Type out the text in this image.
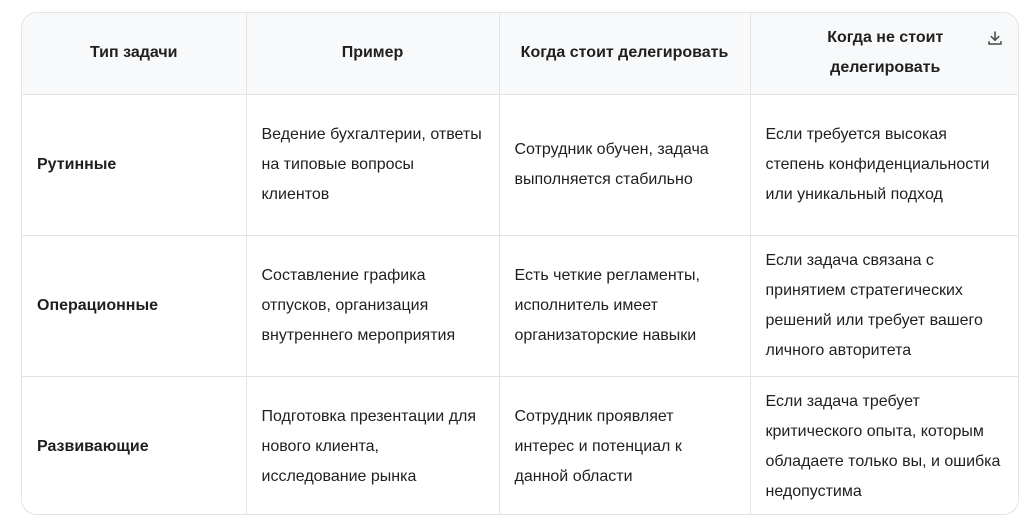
Тип задачи	Пример	Когда стоит делегировать	Когда не стоит делегировать

Рутинные	Ведение бухгалтерии, ответы на типовые вопросы клиентов	Сотрудник обучен, задача выполняется стабильно	Если требуется высокая степень конфиденциальности или уникальный подход
Операционные	Составление графика отпусков, организация внутреннего мероприятия	Есть четкие регламенты, исполнитель имеет организаторские навыки	Если задача связана с принятием стратегических решений или требует вашего личного авторитета
Развивающие	Подготовка презентации для нового клиента, исследование рынка	Сотрудник проявляет интерес и потенциал к данной области	Если задача требует критического опыта, которым обладаете только вы, и ошибка недопустима
